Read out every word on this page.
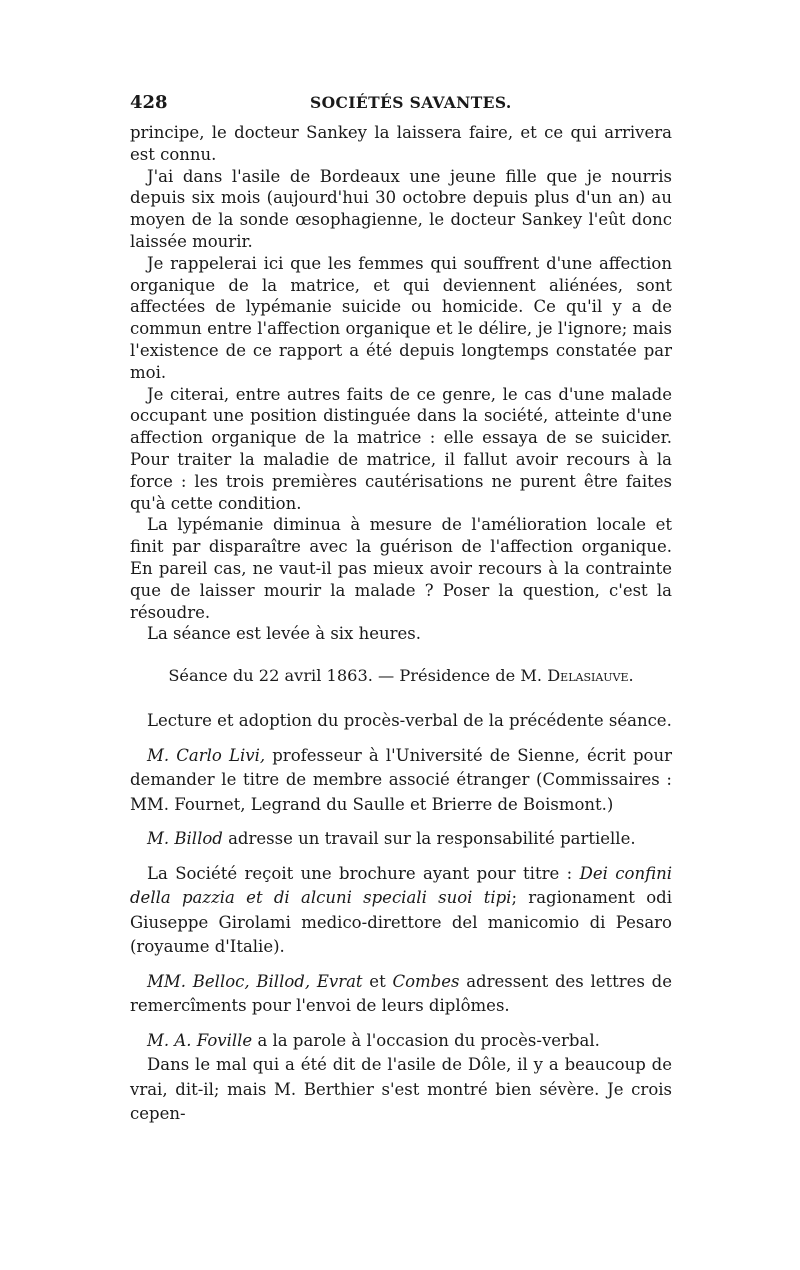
428	SOCIÉTÉS SAVANTES.

principe, le docteur Sankey la laissera faire, et ce qui arrivera est connu.

J'ai dans l'asile de Bordeaux une jeune fille que je nourris depuis six mois (aujourd'hui 30 octobre depuis plus d'un an) au moyen de la sonde œsophagienne, le docteur Sankey l'eût donc laissée mourir.

Je rappelerai ici que les femmes qui souffrent d'une affection organique de la matrice, et qui deviennent aliénées, sont affectées de lypémanie suicide ou homicide. Ce qu'il y a de commun entre l'affection organique et le délire, je l'ignore; mais l'existence de ce rapport a été depuis longtemps constatée par moi.

Je citerai, entre autres faits de ce genre, le cas d'une malade occupant une position distinguée dans la société, atteinte d'une affection organique de la matrice : elle essaya de se suicider. Pour traiter la maladie de matrice, il fallut avoir recours à la force : les trois premières cautérisations ne purent être faites qu'à cette condition.

La lypémanie diminua à mesure de l'amélioration locale et finit par disparaître avec la guérison de l'affection organique. En pareil cas, ne vaut-il pas mieux avoir recours à la contrainte que de laisser mourir la malade ? Poser la question, c'est la résoudre.

La séance est levée à six heures.

Séance du 22 avril 1863. — Présidence de M. Delasiauve.

Lecture et adoption du procès-verbal de la précédente séance.

M. Carlo Livi, professeur à l'Université de Sienne, écrit pour demander le titre de membre associé étranger (Commissaires : MM. Fournet, Legrand du Saulle et Brierre de Boismont.)

M. Billod adresse un travail sur la responsabilité partielle.

La Société reçoit une brochure ayant pour titre : Dei confini della pazzia et di alcuni speciali suoi tipi; ragionament odi Giuseppe Girolami medico-direttore del manicomio di Pesaro (royaume d'Italie).

MM. Belloc, Billod, Evrat et Combes adressent des lettres de remercîments pour l'envoi de leurs diplômes.

M. A. Foville a la parole à l'occasion du procès-verbal.

Dans le mal qui a été dit de l'asile de Dôle, il y a beaucoup de vrai, dit-il; mais M. Berthier s'est montré bien sévère. Je crois cepen-
